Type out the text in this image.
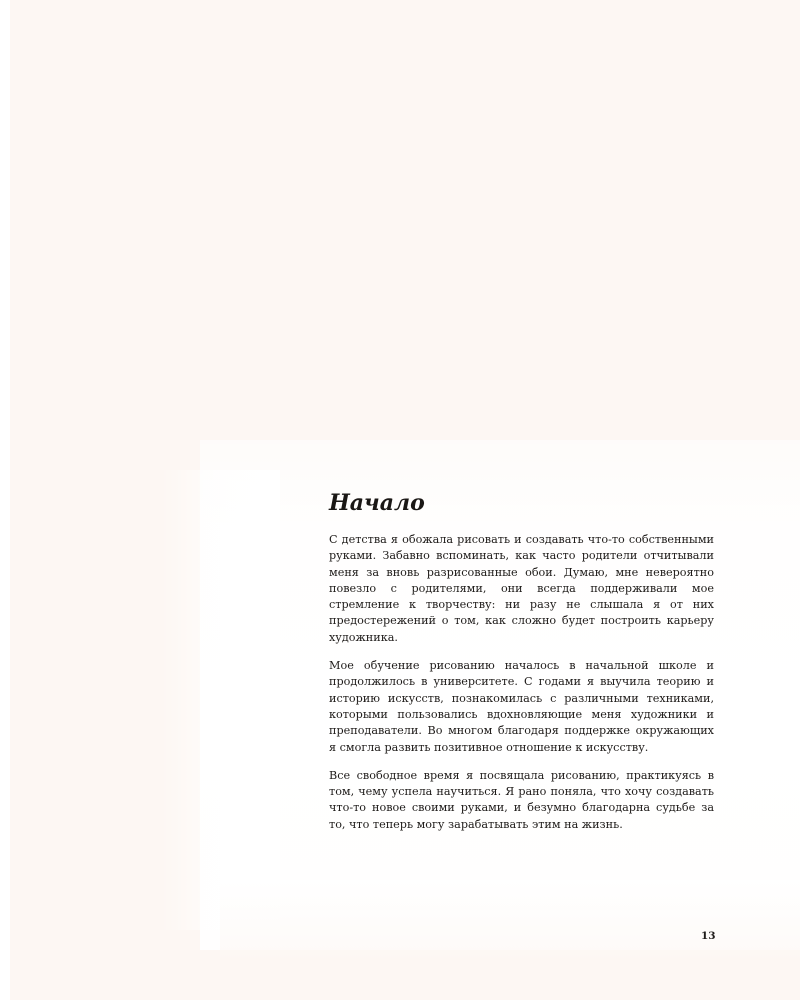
Начало

С детства я обожала рисовать и создавать что-то собственными руками. Забавно вспоминать, как часто родители отчитывали меня за вновь разрисованные обои. Думаю, мне невероятно повезло с родителями, они всегда поддерживали мое стремление к творчеству: ни разу не слышала я от них предостережений о том, как сложно будет построить карьеру художника.

Мое обучение рисованию началось в начальной школе и продолжилось в университете. С годами я выучила теорию и историю искусств, познакомилась с различными техниками, которыми пользовались вдохновляющие меня художники и преподаватели. Во многом благодаря поддержке окружающих я смогла развить позитивное отношение к искусству.

Все свободное время я посвящала рисованию, практикуясь в том, чему успела научиться. Я рано поняла, что хочу создавать что-то новое своими руками, и безумно благодарна судьбе за то, что теперь могу зарабатывать этим на жизнь.

13
